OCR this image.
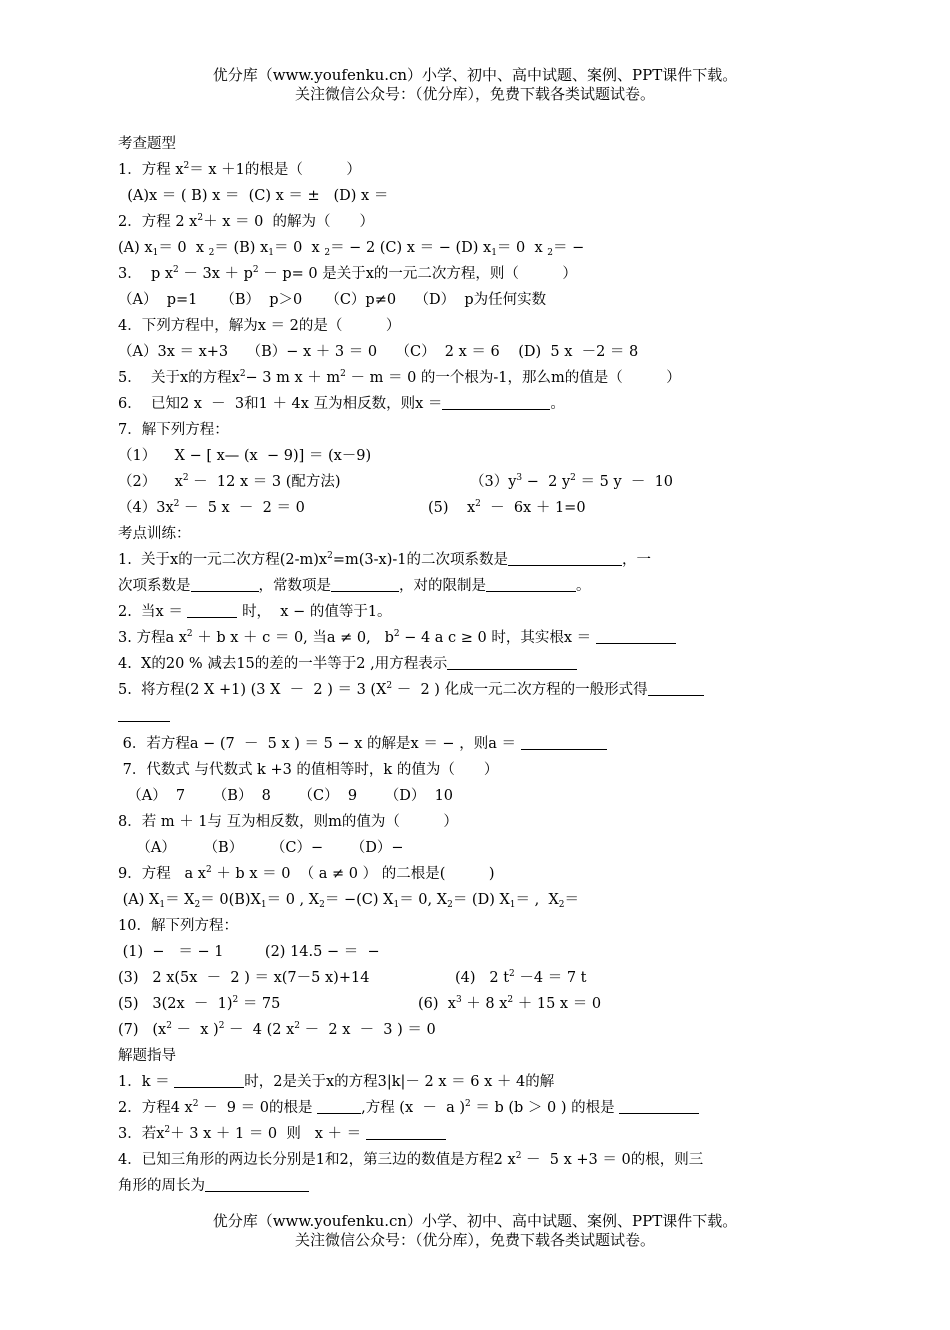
优分库（www.youfenku.cn）小学、初中、高中试题、案例、PPT课件下载。
关注微信公众号：（优分库），免费下载各类试题试卷。
考查题型
1．方程 $x^2= x +1$的根是（　　　）
(A)x ＝ ( B) x ＝  (C) x ＝ ±   (D) x ＝
2．方程 2 $x^2+ x = 0$  的解为（　　）
(A) $x_1= 0$  x $_2$＝ (B) $x_1= 0$  x $_2$＝ − 2 (C) x ＝ − (D) $x_1= 0$  x $_2$＝ −
3．  p $x^2 - 3x + p^2 - p= 0$ 是关于x的一元二次方程，则（　　　）
（A）  p=1     （B）  p＞0     （C）p≠0    （D）  p为任何实数
4．下列方程中，解为x ＝ 2的是（　　　）
（A）3x ＝ x+3    （B）− x ＋ 3 ＝ 0    （C）  2 x ＝ 6    (D)  5 x  －2 ＝ 8
5．  关于x的方程$x^2- 3$ m $x + m^2 - m = 0$ 的一个根为-1，那么m的值是（　　　）
6．  已知2 x  －  3和1 ＋ 4x 互为相反数，则x ＝	。
7．解下列方程：
（1）    X − [ x— (x  − 9)] ＝ (x－9)
（2）    $x^2 - 12$ x ＝ 3 (配方法)	$(3)y^3 - 2$ $y^2 = 5$ y  －  10
$(4)3x^2 - 5$ x  －  2 ＝ 0	(5)    $x^2 - 6x + 1=0$
考点训练：
1.  关于x的一元二次方程$(2-m)x^2=m(3-x)-1$的二次项系数是	，一
次项系数是	，常数项是	，对的限制是	。
2.  当x ＝	时，  x − 的值等于1。
3. 方程a $x^2 + b$ x ＋ c ＝ 0, 当a ≠ 0,   $b^2 - 4$ a c ≥ 0 时，其实根x ＝
4.  X的20 % 减去15的差的一半等于2 ,用方程表示
5.  将方程(2 X +1) (3 X  －  2 ) ＝ 3 ($X^2 - 2$ ) 化成一元二次方程的一般形式得
6．若方程a − (7  －  5 x ) ＝ 5 − x 的解是x ＝ − ，则a ＝
7．代数式 与代数式 k +3 的值相等时，k 的值为（　　）
（A）  7      （B）  8      （C）  9      （D）  10
8．若 m ＋ 1与 互为相反数，则m的值为（　　　）
（A）      （B）      （C）−      （D）−
9．方程   a $x^2 + b$ x ＝ 0  （ a ≠ 0 ） 的二根是(　　　)
(A) $X_1= X_2= 0(B)X_1= 0$ , $X_2= -(C)$ $X_1= 0$, $X_2= (D)$ $X_1=$ ,  $X_2=$
10．解下列方程：
(1)  −   ＝ − 1         (2) 14.5 − ＝  −
(3)   2 x(5x  －  2 ) ＝ x(7－5 x)+14	(4)   2 $t^2 -4 = 7$ t
(5)   $3(2x - 1)^2 = 75$	(6)  $x^3 + 8$ $x^2 + 15$ x ＝ 0
(7)   ($x^2 - x$ )$^2$ －  4 (2 $x^2 - 2$ x  －  3 ) ＝ 0
解题指导
1．k ＝	时，2是关于x的方程3|k|－ 2 x ＝ 6 x ＋ 4的解
2．方程4 $x^2 - 9 = 0$的根是	,方程 (x  －  a )$^2$ ＝ b (b ＞ 0 ) 的根是
3．若$x^2+ 3$ x ＋ 1 ＝ 0  则   x ＋ ＝
4．已知三角形的两边长分别是1和2，第三边的数值是方程2 $x^2 - 5$ x +3 ＝ 0的根，则三
角形的周长为
优分库（www.youfenku.cn）小学、初中、高中试题、案例、PPT课件下载。
关注微信公众号：（优分库），免费下载各类试题试卷。
